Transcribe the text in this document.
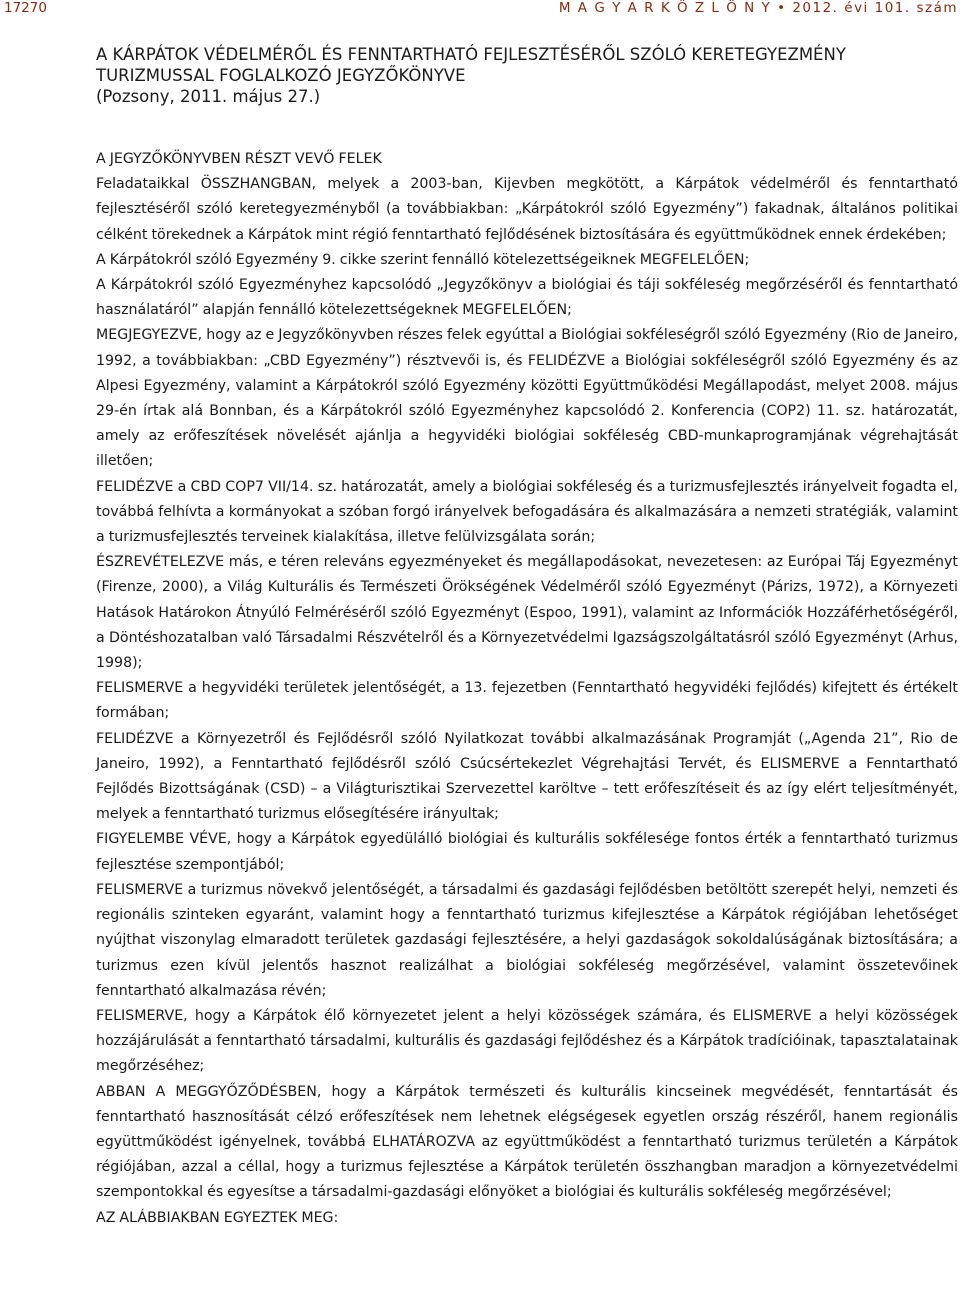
17270	M A G Y A R K Ö Z L Ö N Y • 2012. évi 101. szám
A KÁRPÁTOK VÉDELMÉRŐL ÉS FENNTARTHATÓ FEJLESZTÉSÉRŐL SZÓLÓ KERETEGYEZMÉNY
TURIZMUSSAL FOGLALKOZÓ JEGYZŐKÖNYVE
(Pozsony, 2011. május 27.)

A JEGYZŐKÖNYVBEN RÉSZT VEVŐ FELEK

Feladataikkal ÖSSZHANGBAN, melyek a 2003-ban, Kijevben megkötött, a Kárpátok védelméről és fenntartható fejlesztéséről szóló keretegyezményből (a továbbiakban: „Kárpátokról szóló Egyezmény”) fakadnak, általános politikai célként törekednek a Kárpátok mint régió fenntartható fejlődésének biztosítására és együttműködnek ennek érdekében;

A Kárpátokról szóló Egyezmény 9. cikke szerint fennálló kötelezettségeiknek MEGFELELŐEN;

A Kárpátokról szóló Egyezményhez kapcsolódó „Jegyzőkönyv a biológiai és táji sokféleség megőrzéséről és fenntartható használatáról” alapján fennálló kötelezettségeknek MEGFELELŐEN;

MEGJEGYEZVE, hogy az e Jegyzőkönyvben részes felek egyúttal a Biológiai sokféleségről szóló Egyezmény (Rio de Janeiro, 1992, a továbbiakban: „CBD Egyezmény”) résztvevői is, és FELIDÉZVE a Biológiai sokféleségről szóló Egyezmény és az Alpesi Egyezmény, valamint a Kárpátokról szóló Egyezmény közötti Együttműködési Megállapodást, melyet 2008. május 29-én írtak alá Bonnban, és a Kárpátokról szóló Egyezményhez kapcsolódó 2. Konferencia (COP2) 11. sz. határozatát, amely az erőfeszítések növelését ajánlja a hegyvidéki biológiai sokféleség CBD-munkaprogramjának végrehajtását illetően;

FELIDÉZVE a CBD COP7 VII/14. sz. határozatát, amely a biológiai sokféleség és a turizmusfejlesztés irányelveit fogadta el, továbbá felhívta a kormányokat a szóban forgó irányelvek befogadására és alkalmazására a nemzeti stratégiák, valamint a turizmusfejlesztés terveinek kialakítása, illetve felülvizsgálata során;

ÉSZREVÉTELEZVE más, e téren releváns egyezményeket és megállapodásokat, nevezetesen: az Európai Táj Egyezményt (Firenze, 2000), a Világ Kulturális és Természeti Örökségének Védelméről szóló Egyezményt (Párizs, 1972), a Környezeti Hatások Határokon Átnyúló Felméréséről szóló Egyezményt (Espoo, 1991), valamint az Információk Hozzáférhetőségéről, a Döntéshozatalban való Társadalmi Részvételről és a Környezetvédelmi Igazságszolgáltatásról szóló Egyezményt (Arhus, 1998);

FELISMERVE a hegyvidéki területek jelentőségét, a 13. fejezetben (Fenntartható hegyvidéki fejlődés) kifejtett és értékelt formában;

FELIDÉZVE a Környezetről és Fejlődésről szóló Nyilatkozat további alkalmazásának Programját („Agenda 21”, Rio de Janeiro, 1992), a Fenntartható fejlődésről szóló Csúcsértekezlet Végrehajtási Tervét, és ELISMERVE a Fenntartható Fejlődés Bizottságának (CSD) – a Világturisztikai Szervezettel karöltve – tett erőfeszítéseit és az így elért teljesítményét, melyek a fenntartható turizmus elősegítésére irányultak;

FIGYELEMBE VÉVE, hogy a Kárpátok egyedülálló biológiai és kulturális sokfélesége fontos érték a fenntartható turizmus fejlesztése szempontjából;

FELISMERVE a turizmus növekvő jelentőségét, a társadalmi és gazdasági fejlődésben betöltött szerepét helyi, nemzeti és regionális szinteken egyaránt, valamint hogy a fenntartható turizmus kifejlesztése a Kárpátok régiójában lehetőséget nyújthat viszonylag elmaradott területek gazdasági fejlesztésére, a helyi gazdaságok sokoldalúságának biztosítására; a turizmus ezen kívül jelentős hasznot realizálhat a biológiai sokféleség megőrzésével, valamint összetevőinek fenntartható alkalmazása révén;

FELISMERVE, hogy a Kárpátok élő környezetet jelent a helyi közösségek számára, és ELISMERVE a helyi közösségek hozzájárulását a fenntartható társadalmi, kulturális és gazdasági fejlődéshez és a Kárpátok tradícióinak, tapasztalatainak megőrzéséhez;

ABBAN A MEGGYŐZŐDÉSBEN, hogy a Kárpátok természeti és kulturális kincseinek megvédését, fenntartását és fenntartható hasznosítását célzó erőfeszítések nem lehetnek elégségesek egyetlen ország részéről, hanem regionális együttműködést igényelnek, továbbá ELHATÁROZVA az együttműködést a fenntartható turizmus területén a Kárpátok régiójában, azzal a céllal, hogy a turizmus fejlesztése a Kárpátok területén összhangban maradjon a környezetvédelmi szempontokkal és egyesítse a társadalmi-gazdasági előnyöket a biológiai és kulturális sokféleség megőrzésével;

AZ ALÁBBIAKBAN EGYEZTEK MEG:
